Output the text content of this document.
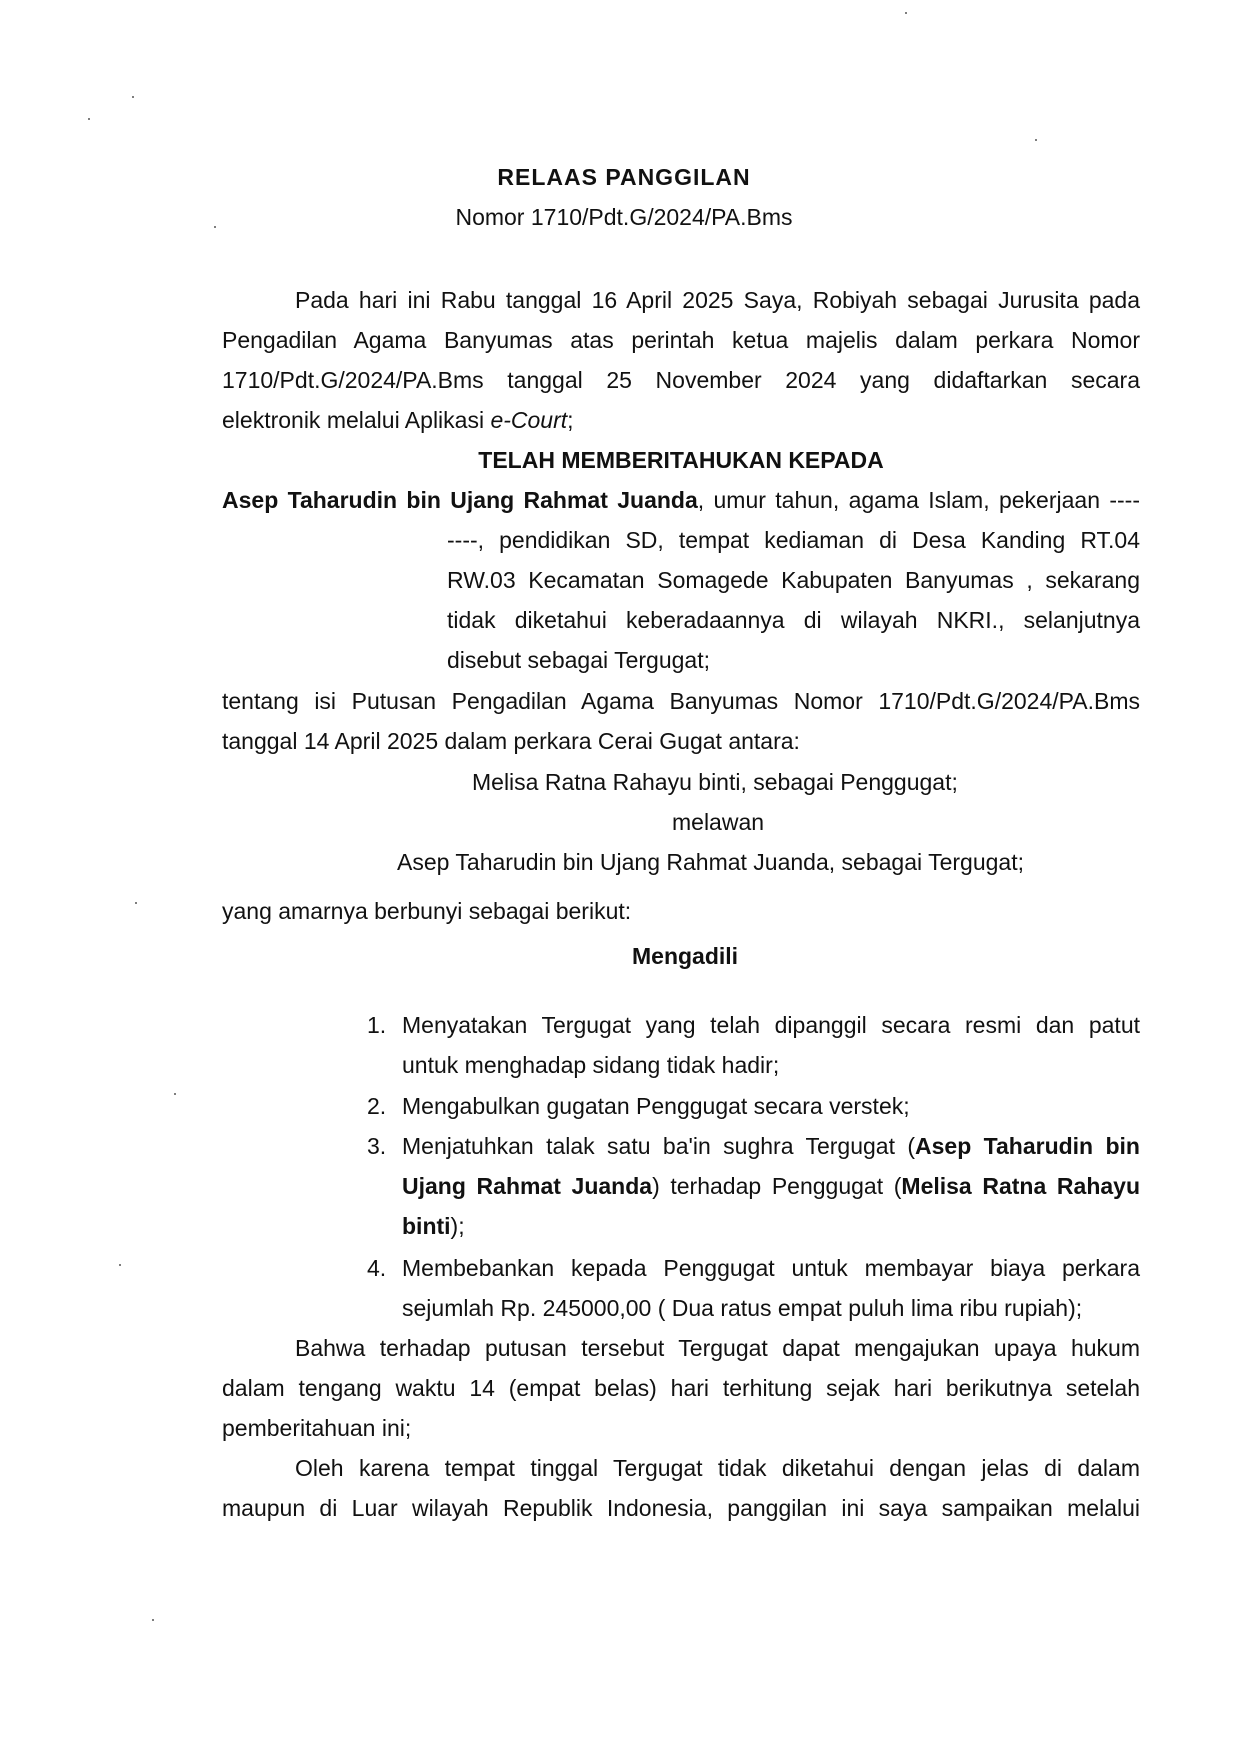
RELAAS PANGGILAN
Nomor 1710/Pdt.G/2024/PA.Bms
Pada hari ini Rabu tanggal 16 April 2025 Saya, Robiyah sebagai Jurusita pada
Pengadilan Agama Banyumas atas perintah ketua majelis dalam perkara Nomor
1710/Pdt.G/2024/PA.Bms tanggal 25 November 2024 yang didaftarkan secara
elektronik melalui Aplikasi e-Court;
TELAH MEMBERITAHUKAN KEPADA
Asep Taharudin bin Ujang Rahmat Juanda, umur tahun, agama Islam, pekerjaan ----
----, pendidikan SD, tempat kediaman di Desa Kanding RT.04
RW.03 Kecamatan Somagede Kabupaten Banyumas , sekarang
tidak diketahui keberadaannya di wilayah NKRI., selanjutnya
disebut sebagai Tergugat;
tentang isi Putusan Pengadilan Agama Banyumas Nomor 1710/Pdt.G/2024/PA.Bms
tanggal 14 April 2025 dalam perkara Cerai Gugat antara:
Melisa Ratna Rahayu binti, sebagai Penggugat;
melawan
Asep Taharudin bin Ujang Rahmat Juanda, sebagai Tergugat;
yang amarnya berbunyi sebagai berikut:
Mengadili
1. Menyatakan Tergugat yang telah dipanggil secara resmi dan patut
untuk menghadap sidang tidak hadir;
2. Mengabulkan gugatan Penggugat secara verstek;
3. Menjatuhkan talak satu ba'in sughra Tergugat (Asep Taharudin bin
Ujang Rahmat Juanda) terhadap Penggugat (Melisa Ratna Rahayu
binti);
4. Membebankan kepada Penggugat untuk membayar biaya perkara
sejumlah Rp. 245000,00 ( Dua ratus empat puluh lima ribu rupiah);
Bahwa terhadap putusan tersebut Tergugat dapat mengajukan upaya hukum
dalam tengang waktu 14 (empat belas) hari terhitung sejak hari berikutnya setelah
pemberitahuan ini;
Oleh karena tempat tinggal Tergugat tidak diketahui dengan jelas di dalam
maupun di Luar wilayah Republik Indonesia, panggilan ini saya sampaikan melalui
